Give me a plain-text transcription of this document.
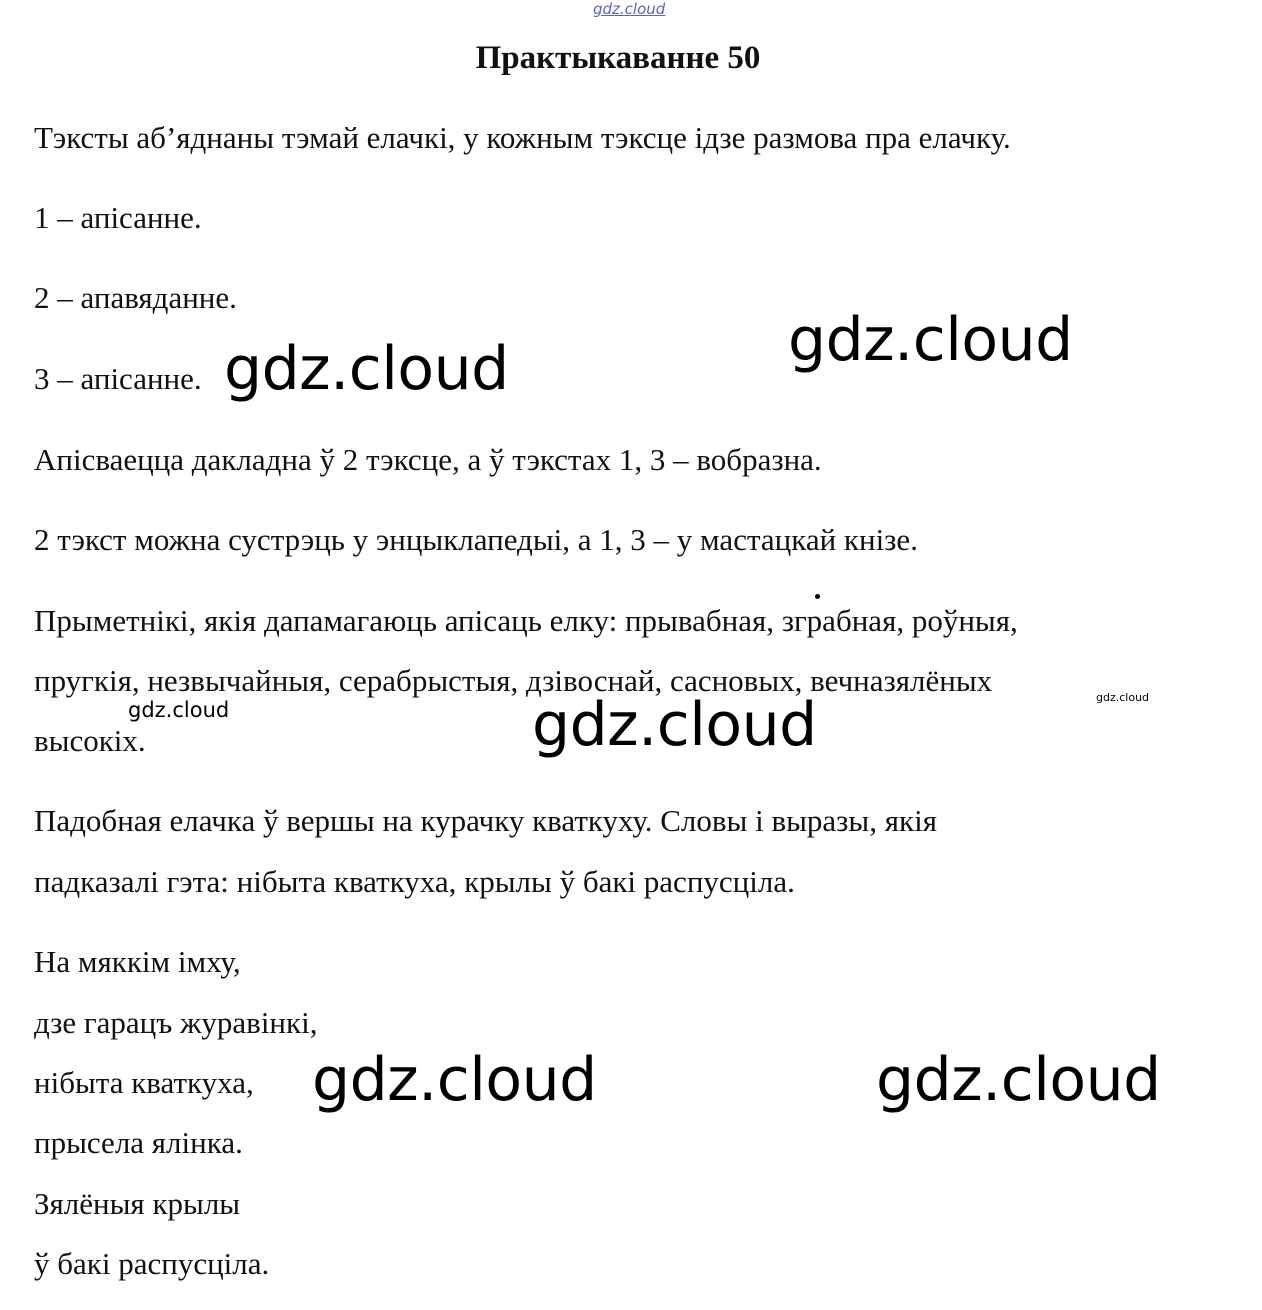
gdz.cloud
Практыкаванне 50

Тэксты аб’яднаны тэмай елачкі, у кожным тэксце ідзе размова пра елачку.

1 – апісанне.

2 – апавяданне.

3 – апісанне.

Апісваецца дакладна ў 2 тэксце, а ў тэкстах 1, 3 – вобразна.

2 тэкст можна сустрэць у энцыклапедыі, а 1, 3 – у мастацкай кнізе.

Прыметнікі, якія дапамагаюць апісаць елку: прывабная, зграбная, роўныя,

пругкія, незвычайныя, серабрыстыя, дзівоснай, сасновых, вечназялёных

высокіх.

Падобная елачка ў вершы на курачку кваткуху. Словы і выразы, якія

падказалі гэта: нібыта кваткуха, крылы ў бакі распусціла.

На мяккім імху,

дзе гарацъ журавінкі,

нібыта кваткуха,

прысела ялінка.

Зялёныя крылы

ў бакі распусціла.

gdz.cloud
gdz.cloud
gdz.cloud	gdz.cloud	gdz.cloud
gdz.cloud	gdz.cloud
